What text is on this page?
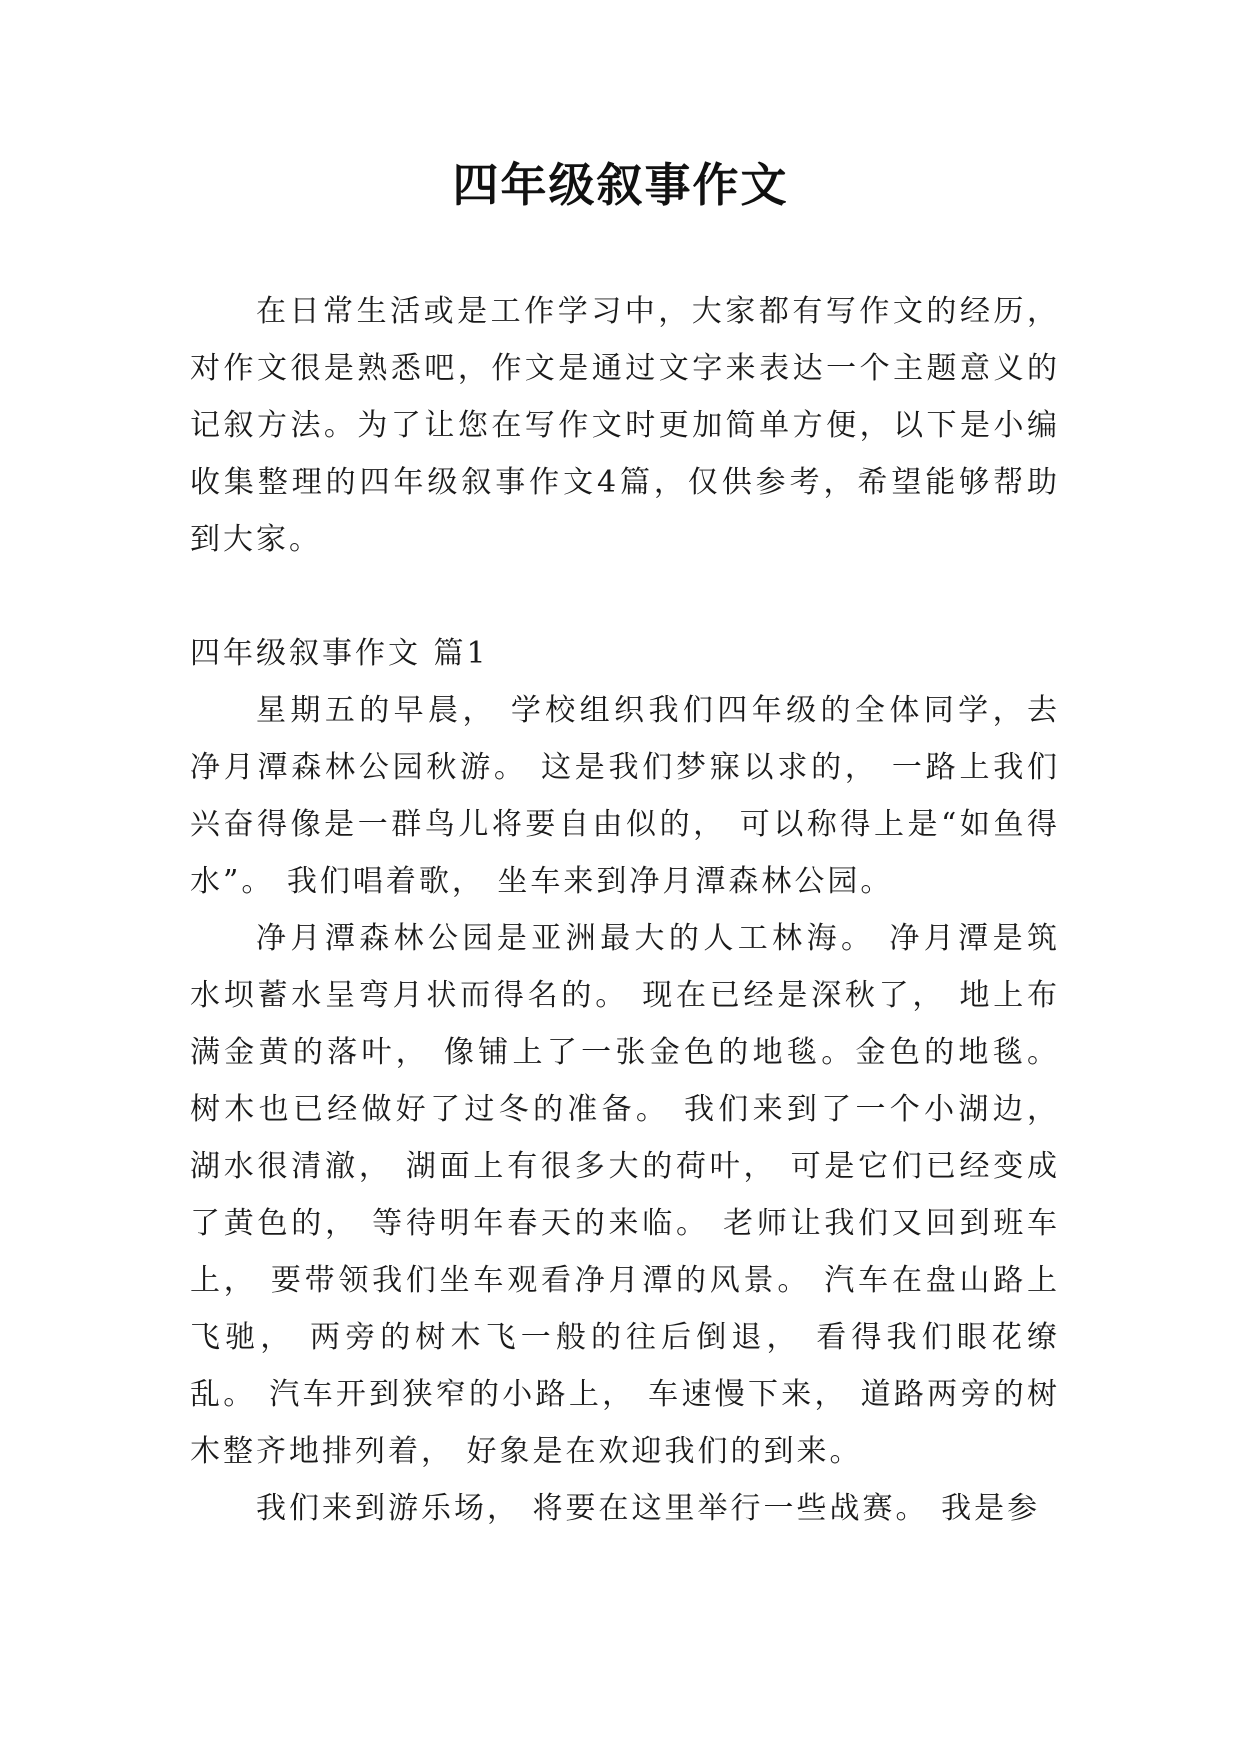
四年级叙事作文

在日常生活或是工作学习中，大家都有写作文的经历，对作文很是熟悉吧，作文是通过文字来表达一个主题意义的记叙方法。为了让您在写作文时更加简单方便，以下是小编收集整理的四年级叙事作文4篇，仅供参考，希望能够帮助到大家。

四年级叙事作文 篇1

星期五的早晨， 学校组织我们四年级的全体同学，去净月潭森林公园秋游。 这是我们梦寐以求的， 一路上我们兴奋得像是一群鸟儿将要自由似的， 可以称得上是“如鱼得水”。 我们唱着歌， 坐车来到净月潭森林公园。

净月潭森林公园是亚洲最大的人工林海。 净月潭是筑水坝蓄水呈弯月状而得名的。 现在已经是深秋了， 地上布满金黄的落叶， 像铺上了一张金色的地毯。金色的地毯。 树木也已经做好了过冬的准备。 我们来到了一个小湖边，湖水很清澈， 湖面上有很多大的荷叶， 可是它们已经变成了黄色的， 等待明年春天的来临。 老师让我们又回到班车上， 要带领我们坐车观看净月潭的风景。 汽车在盘山路上飞驰， 两旁的树木飞一般的往后倒退， 看得我们眼花缭乱。 汽车开到狭窄的小路上， 车速慢下来， 道路两旁的树木整齐地排列着， 好象是在欢迎我们的到来。

我们来到游乐场， 将要在这里举行一些战赛。 我是参
